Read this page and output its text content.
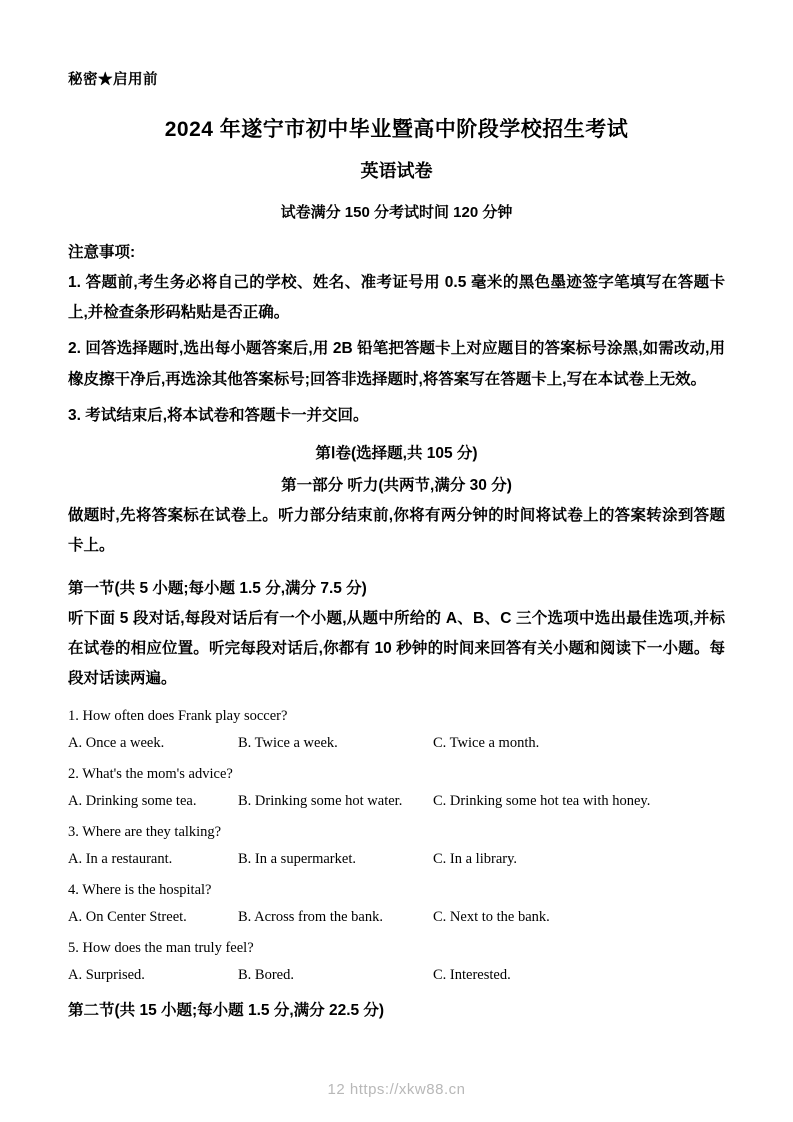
秘密★启用前
2024 年遂宁市初中毕业暨高中阶段学校招生考试
英语试卷
试卷满分 150 分考试时间 120 分钟
注意事项:
1. 答题前,考生务必将自己的学校、姓名、准考证号用 0.5 毫米的黑色墨迹签字笔填写在答题卡上,并检查条形码粘贴是否正确。
2. 回答选择题时,选出每小题答案后,用 2B 铅笔把答题卡上对应题目的答案标号涂黑,如需改动,用橡皮擦干净后,再选涂其他答案标号;回答非选择题时,将答案写在答题卡上,写在本试卷上无效。
3. 考试结束后,将本试卷和答题卡一并交回。
第Ⅰ卷(选择题,共 105 分)
第一部分 听力(共两节,满分 30 分)
做题时,先将答案标在试卷上。听力部分结束前,你将有两分钟的时间将试卷上的答案转涂到答题卡上。
第一节(共 5 小题;每小题 1.5 分,满分 7.5 分)
听下面 5 段对话,每段对话后有一个小题,从题中所给的 A、B、C 三个选项中选出最佳选项,并标在试卷的相应位置。听完每段对话后,你都有 10 秒钟的时间来回答有关小题和阅读下一小题。每段对话读两遍。
1. How often does Frank play soccer?
A. Once a week.	B. Twice a week.	C. Twice a month.
2. What's the mom's advice?
A. Drinking some tea.	B. Drinking some hot water.	C. Drinking some hot tea with honey.
3. Where are they talking?
A. In a restaurant.	B. In a supermarket.	C. In a library.
4. Where is the hospital?
A. On Center Street.	B. Across from the bank.	C. Next to the bank.
5. How does the man truly feel?
A. Surprised.	B. Bored.	C. Interested.
第二节(共 15 小题;每小题 1.5 分,满分 22.5 分)
12 https://xkw88.cn
